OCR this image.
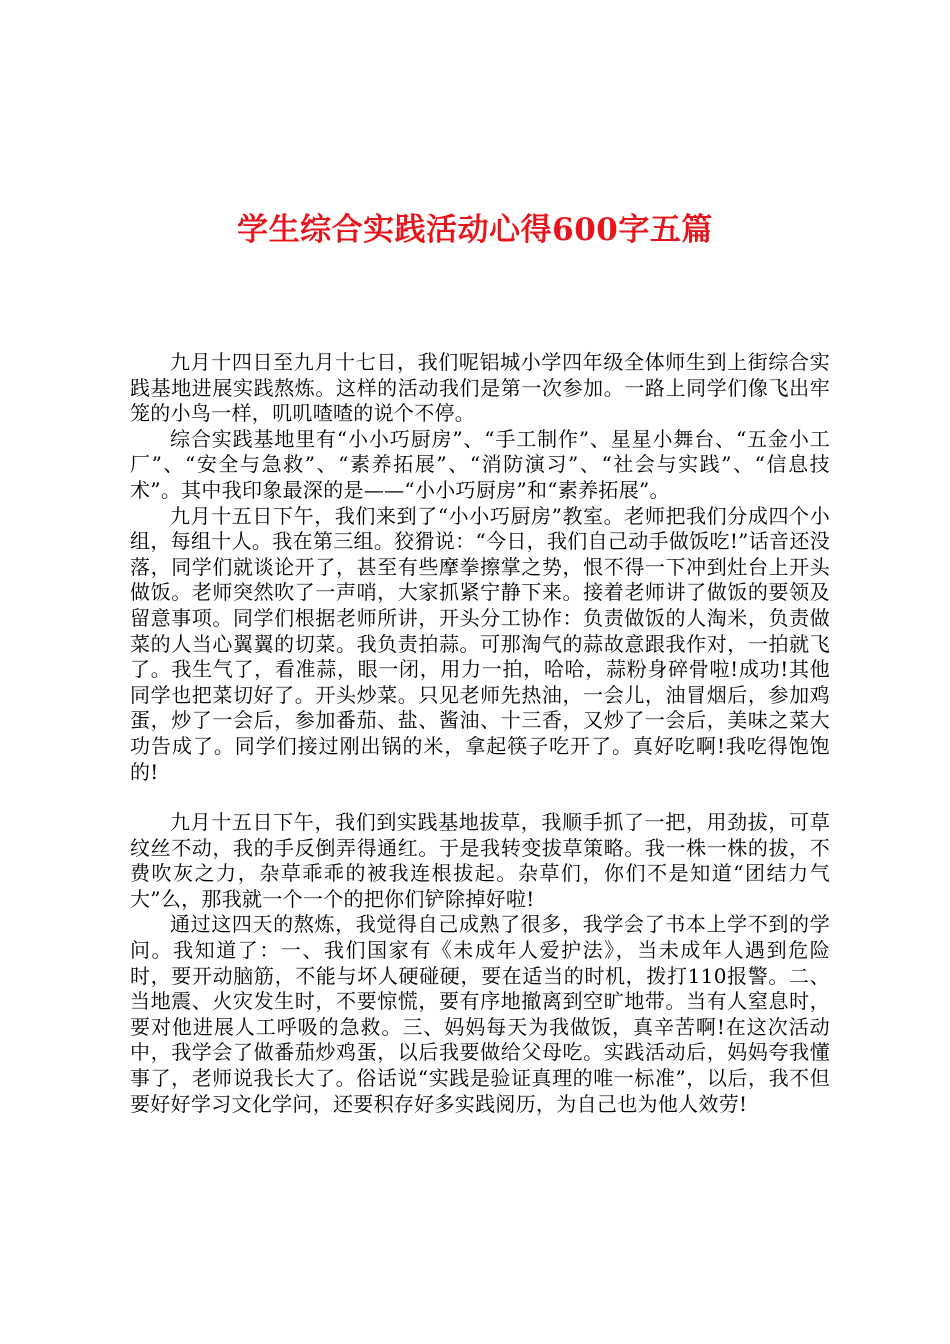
学生综合实践活动心得600字五篇

九月十四日至九月十七日，我们呢铝城小学四年级全体师生到上街综合实践基地进展实践熬炼。这样的活动我们是第一次参加。一路上同学们像飞出牢笼的小鸟一样，叽叽喳喳的说个不停。

综合实践基地里有“小小巧厨房”、“手工制作”、星星小舞台、“五金小工厂”、“安全与急救”、“素养拓展”、“消防演习”、“社会与实践”、“信息技术”。其中我印象最深的是——“小小巧厨房”和“素养拓展”。

九月十五日下午，我们来到了“小小巧厨房”教室。老师把我们分成四个小组，每组十人。我在第三组。狡猾说：“今日，我们自己动手做饭吃!”话音还没落，同学们就谈论开了，甚至有些摩拳擦掌之势，恨不得一下冲到灶台上开头做饭。老师突然吹了一声哨，大家抓紧宁静下来。接着老师讲了做饭的要领及留意事项。同学们根据老师所讲，开头分工协作：负责做饭的人淘米，负责做菜的人当心翼翼的切菜。我负责拍蒜。可那淘气的蒜故意跟我作对，一拍就飞了。我生气了，看准蒜，眼一闭，用力一拍，哈哈，蒜粉身碎骨啦!成功!其他同学也把菜切好了。开头炒菜。只见老师先热油，一会儿，油冒烟后，参加鸡蛋，炒了一会后，参加番茄、盐、酱油、十三香，又炒了一会后，美味之菜大功告成了。同学们接过刚出锅的米，拿起筷子吃开了。真好吃啊!我吃得饱饱的!

九月十五日下午，我们到实践基地拔草，我顺手抓了一把，用劲拔，可草纹丝不动，我的手反倒弄得通红。于是我转变拔草策略。我一株一株的拔，不费吹灰之力，杂草乖乖的被我连根拔起。杂草们，你们不是知道“团结力气大”么，那我就一个一个的把你们铲除掉好啦!

通过这四天的熬炼，我觉得自己成熟了很多，我学会了书本上学不到的学问。我知道了：一、我们国家有《未成年人爱护法》，当未成年人遇到危险时，要开动脑筋，不能与坏人硬碰硬，要在适当的时机，拨打110报警。二、当地震、火灾发生时，不要惊慌，要有序地撤离到空旷地带。当有人窒息时，要对他进展人工呼吸的急救。三、妈妈每天为我做饭，真辛苦啊!在这次活动中，我学会了做番茄炒鸡蛋，以后我要做给父母吃。实践活动后，妈妈夸我懂事了，老师说我长大了。俗话说“实践是验证真理的唯一标准”，以后，我不但要好好学习文化学问，还要积存好多实践阅历，为自己也为他人效劳!
